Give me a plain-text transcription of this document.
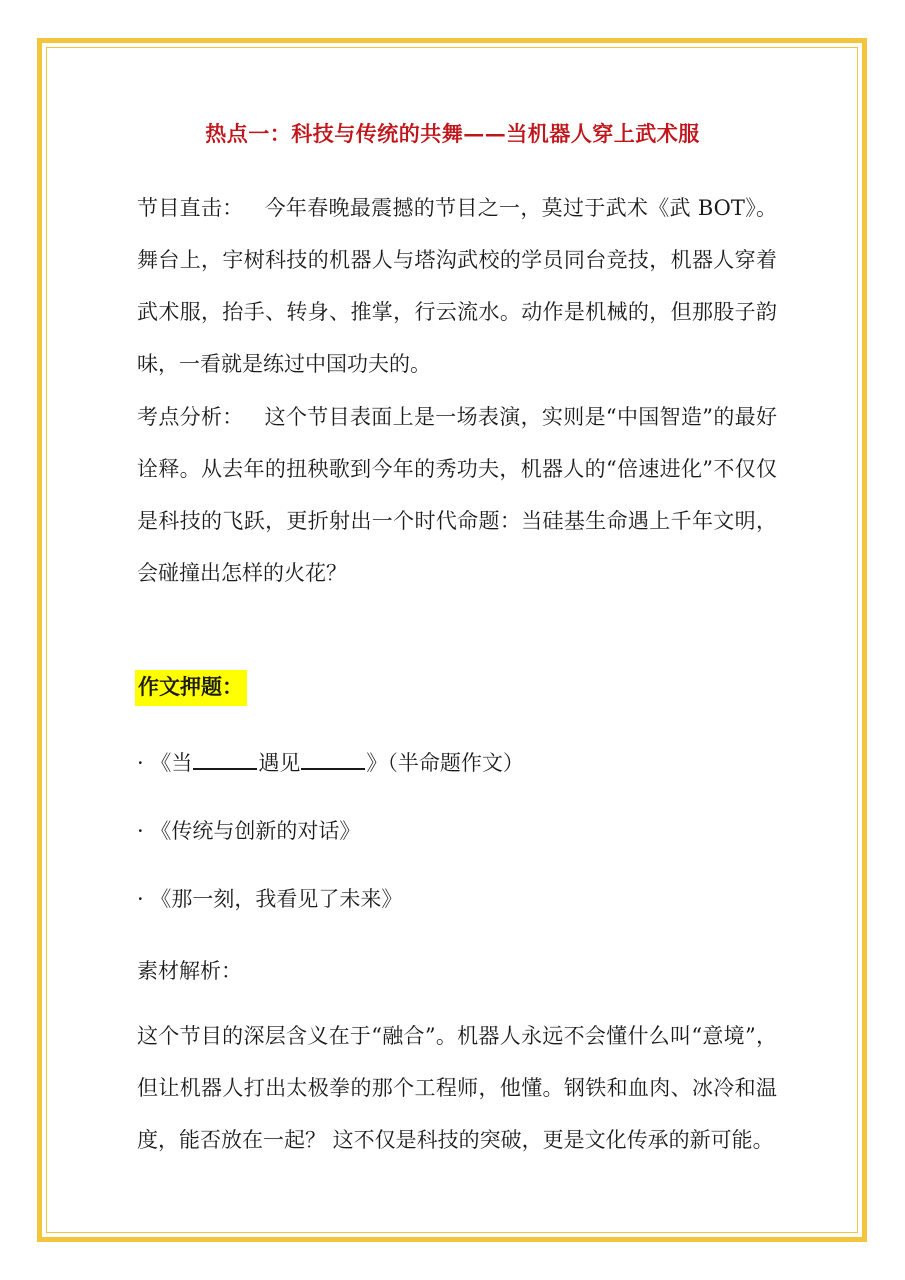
热点一：科技与传统的共舞——当机器人穿上武术服

节目直击： 今年春晚最震撼的节目之一，莫过于武术《武 BOT》。舞台上，宇树科技的机器人与塔沟武校的学员同台竞技，机器人穿着武术服，抬手、转身、推掌，行云流水。动作是机械的，但那股子韵味，一看就是练过中国功夫的。

考点分析： 这个节目表面上是一场表演，实则是“中国智造”的最好诠释。从去年的扭秧歌到今年的秀功夫，机器人的“倍速进化”不仅仅是科技的飞跃，更折射出一个时代命题：当硅基生命遇上千年文明，会碰撞出怎样的火花？

作文押题：

· 《当	遇见	》（半命题作文）

· 《传统与创新的对话》

· 《那一刻，我看见了未来》

素材解析：

这个节目的深层含义在于“融合”。机器人永远不会懂什么叫“意境”，但让机器人打出太极拳的那个工程师，他懂。钢铁和血肉、冰冷和温度，能否放在一起？ 这不仅是科技的突破，更是文化传承的新可能。
